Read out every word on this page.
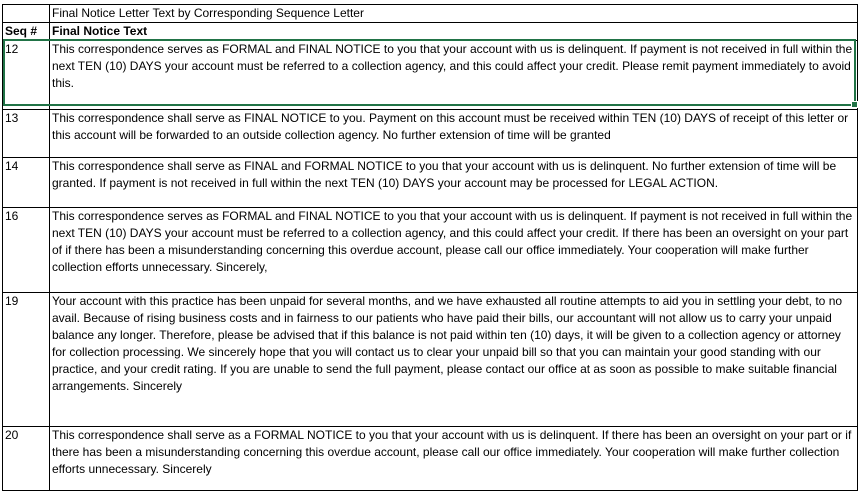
	Final Notice Letter Text by Corresponding Sequence Letter
Seq #	Final Notice Text
12	This correspondence serves as FORMAL and FINAL NOTICE to you that your account with us is delinquent. If payment is not received in full within the next TEN (10) DAYS your account must be referred to a collection agency, and this could affect your credit. Please remit payment immediately to avoid this.
13	This correspondence shall serve as FINAL NOTICE to you. Payment on this account must be received within TEN (10) DAYS of receipt of this letter or this account will be forwarded to an outside collection agency. No further extension of time will be granted
14	This correspondence shall serve as FINAL and FORMAL NOTICE to you that your account with us is delinquent. No further extension of time will be granted. If payment is not received in full within the next TEN (10) DAYS your account may be processed for LEGAL ACTION.
16	This correspondence serves as FORMAL and FINAL NOTICE to you that your account with us is delinquent. If payment is not received in full within the next TEN (10) DAYS your account must be referred to a collection agency, and this could affect your credit. If there has been an oversight on your part of if there has been a misunderstanding concerning this overdue account, please call our office immediately. Your cooperation will make further collection efforts unnecessary. Sincerely,
19	Your account with this practice has been unpaid for several months, and we have exhausted all routine attempts to aid you in settling your debt, to no avail. Because of rising business costs and in fairness to our patients who have paid their bills, our accountant will not allow us to carry your unpaid balance any longer. Therefore, please be advised that if this balance is not paid within ten (10) days, it will be given to a collection agency or attorney for collection processing. We sincerely hope that you will contact us to clear your unpaid bill so that you can maintain your good standing with our practice, and your credit rating. If you are unable to send the full payment, please contact our office at as soon as possible to make suitable financial arrangements. Sincerely
20	This correspondence shall serve as a FORMAL NOTICE to you that your account with us is delinquent. If there has been an oversight on your part or if there has been a misunderstanding concerning this overdue account, please call our office immediately. Your cooperation will make further collection efforts unnecessary. Sincerely
